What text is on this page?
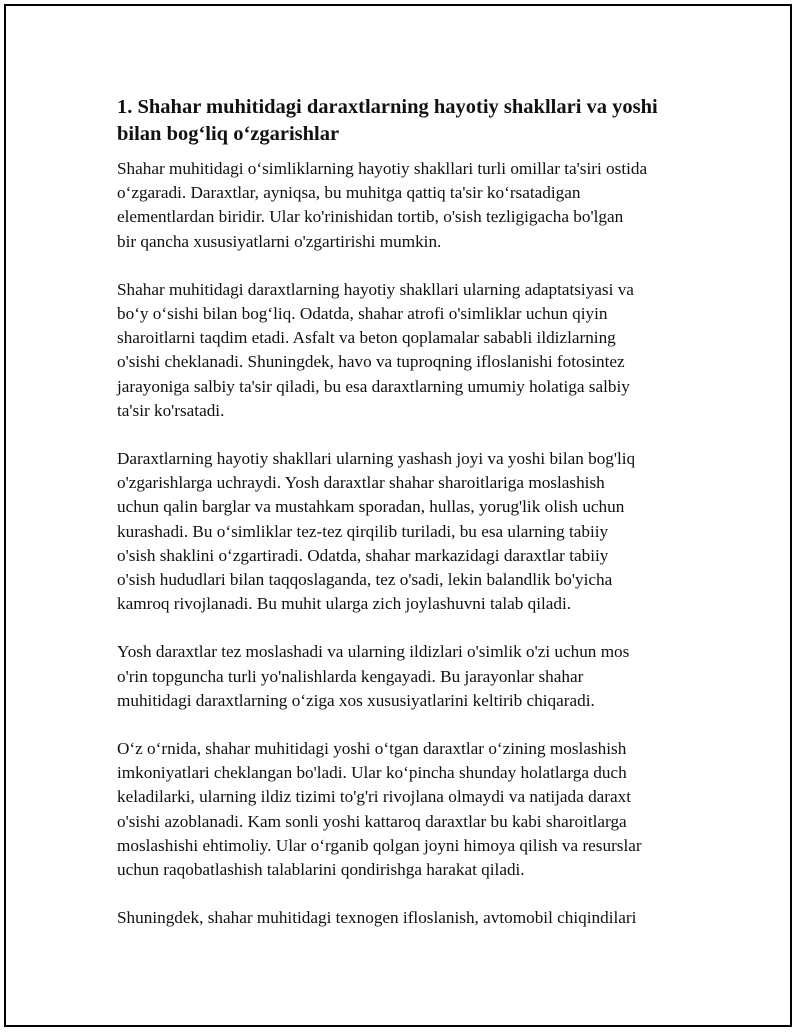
1. Shahar muhitidagi daraxtlarning hayotiy shakllari va yoshi
bilan bog‘liq o‘zgarishlar

Shahar muhitidagi o‘simliklarning hayotiy shakllari turli omillar ta'siri ostida
o‘zgaradi. Daraxtlar, ayniqsa, bu muhitga qattiq ta'sir ko‘rsatadigan
elementlardan biridir. Ular ko'rinishidan tortib, o'sish tezligigacha bo'lgan
bir qancha xususiyatlarni o'zgartirishi mumkin.

Shahar muhitidagi daraxtlarning hayotiy shakllari ularning adaptatsiyasi va
bo‘y o‘sishi bilan bog‘liq. Odatda, shahar atrofi o'simliklar uchun qiyin
sharoitlarni taqdim etadi. Asfalt va beton qoplamalar sababli ildizlarning
o'sishi cheklanadi. Shuningdek, havo va tuproqning ifloslanishi fotosintez
jarayoniga salbiy ta'sir qiladi, bu esa daraxtlarning umumiy holatiga salbiy
ta'sir ko'rsatadi.

Daraxtlarning hayotiy shakllari ularning yashash joyi va yoshi bilan bog'liq
o'zgarishlarga uchraydi. Yosh daraxtlar shahar sharoitlariga moslashish
uchun qalin barglar va mustahkam sporadan, hullas, yorug'lik olish uchun
kurashadi. Bu o‘simliklar tez-tez qirqilib turiladi, bu esa ularning tabiiy
o'sish shaklini o‘zgartiradi. Odatda, shahar markazidagi daraxtlar tabiiy
o'sish hududlari bilan taqqoslaganda, tez o'sadi, lekin balandlik bo'yicha
kamroq rivojlanadi. Bu muhit ularga zich joylashuvni talab qiladi.

Yosh daraxtlar tez moslashadi va ularning ildizlari o'simlik o'zi uchun mos
o'rin topguncha turli yo'nalishlarda kengayadi. Bu jarayonlar shahar
muhitidagi daraxtlarning o‘ziga xos xususiyatlarini keltirib chiqaradi.

O‘z o‘rnida, shahar muhitidagi yoshi o‘tgan daraxtlar o‘zining moslashish
imkoniyatlari cheklangan bo'ladi. Ular ko‘pincha shunday holatlarga duch
keladilarki, ularning ildiz tizimi to'g'ri rivojlana olmaydi va natijada daraxt
o'sishi azoblanadi. Kam sonli yoshi kattaroq daraxtlar bu kabi sharoitlarga
moslashishi ehtimoliy. Ular o‘rganib qolgan joyni himoya qilish va resurslar
uchun raqobatlashish talablarini qondirishga harakat qiladi.

Shuningdek, shahar muhitidagi texnogen ifloslanish, avtomobil chiqindilari
